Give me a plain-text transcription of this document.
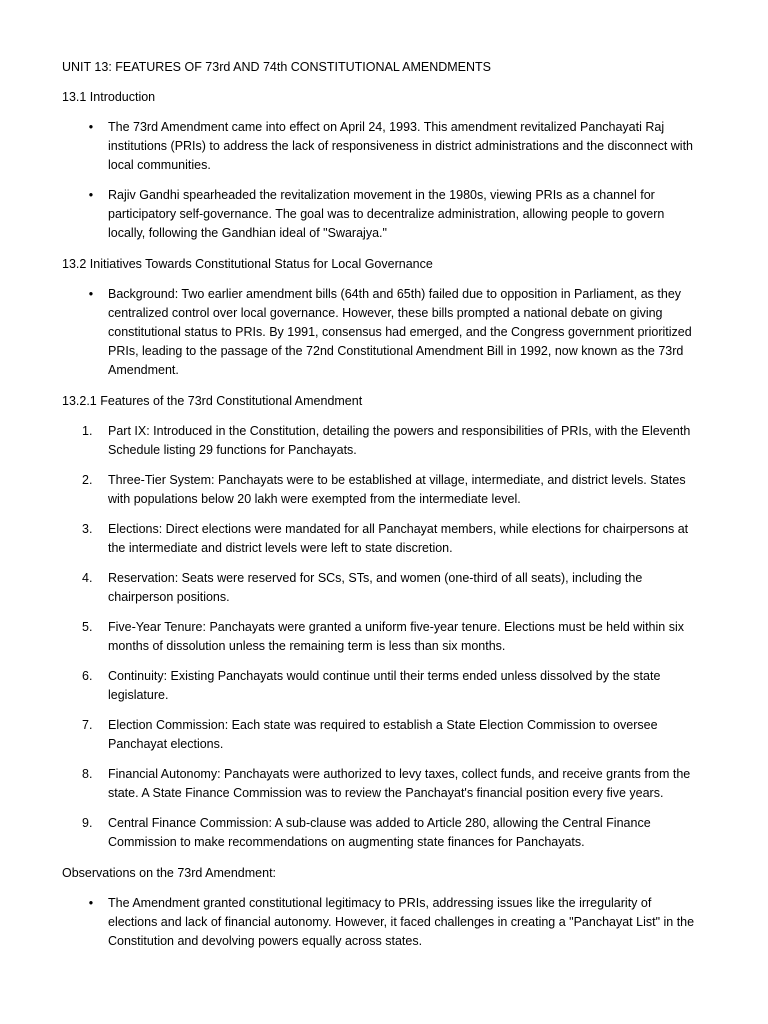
UNIT 13: FEATURES OF 73rd AND 74th CONSTITUTIONAL AMENDMENTS
13.1 Introduction
• The 73rd Amendment came into effect on April 24, 1993. This amendment revitalized Panchayati Raj institutions (PRIs) to address the lack of responsiveness in district administrations and the disconnect with local communities.
• Rajiv Gandhi spearheaded the revitalization movement in the 1980s, viewing PRIs as a channel for participatory self-governance. The goal was to decentralize administration, allowing people to govern locally, following the Gandhian ideal of "Swarajya."
13.2 Initiatives Towards Constitutional Status for Local Governance
• Background: Two earlier amendment bills (64th and 65th) failed due to opposition in Parliament, as they centralized control over local governance. However, these bills prompted a national debate on giving constitutional status to PRIs. By 1991, consensus had emerged, and the Congress government prioritized PRIs, leading to the passage of the 72nd Constitutional Amendment Bill in 1992, now known as the 73rd Amendment.
13.2.1 Features of the 73rd Constitutional Amendment
1.	Part IX: Introduced in the Constitution, detailing the powers and responsibilities of PRIs, with the Eleventh Schedule listing 29 functions for Panchayats.
2.	Three-Tier System: Panchayats were to be established at village, intermediate, and district levels. States with populations below 20 lakh were exempted from the intermediate level.
3.	Elections: Direct elections were mandated for all Panchayat members, while elections for chairpersons at the intermediate and district levels were left to state discretion.
4.	Reservation: Seats were reserved for SCs, STs, and women (one-third of all seats), including the chairperson positions.
5.	Five-Year Tenure: Panchayats were granted a uniform five-year tenure. Elections must be held within six months of dissolution unless the remaining term is less than six months.
6.	Continuity: Existing Panchayats would continue until their terms ended unless dissolved by the state legislature.
7.	Election Commission: Each state was required to establish a State Election Commission to oversee Panchayat elections.
8.	Financial Autonomy: Panchayats were authorized to levy taxes, collect funds, and receive grants from the state. A State Finance Commission was to review the Panchayat's financial position every five years.
9.	Central Finance Commission: A sub-clause was added to Article 280, allowing the Central Finance Commission to make recommendations on augmenting state finances for Panchayats.
Observations on the 73rd Amendment:
• The Amendment granted constitutional legitimacy to PRIs, addressing issues like the irregularity of elections and lack of financial autonomy. However, it faced challenges in creating a "Panchayat List" in the Constitution and devolving powers equally across states.
